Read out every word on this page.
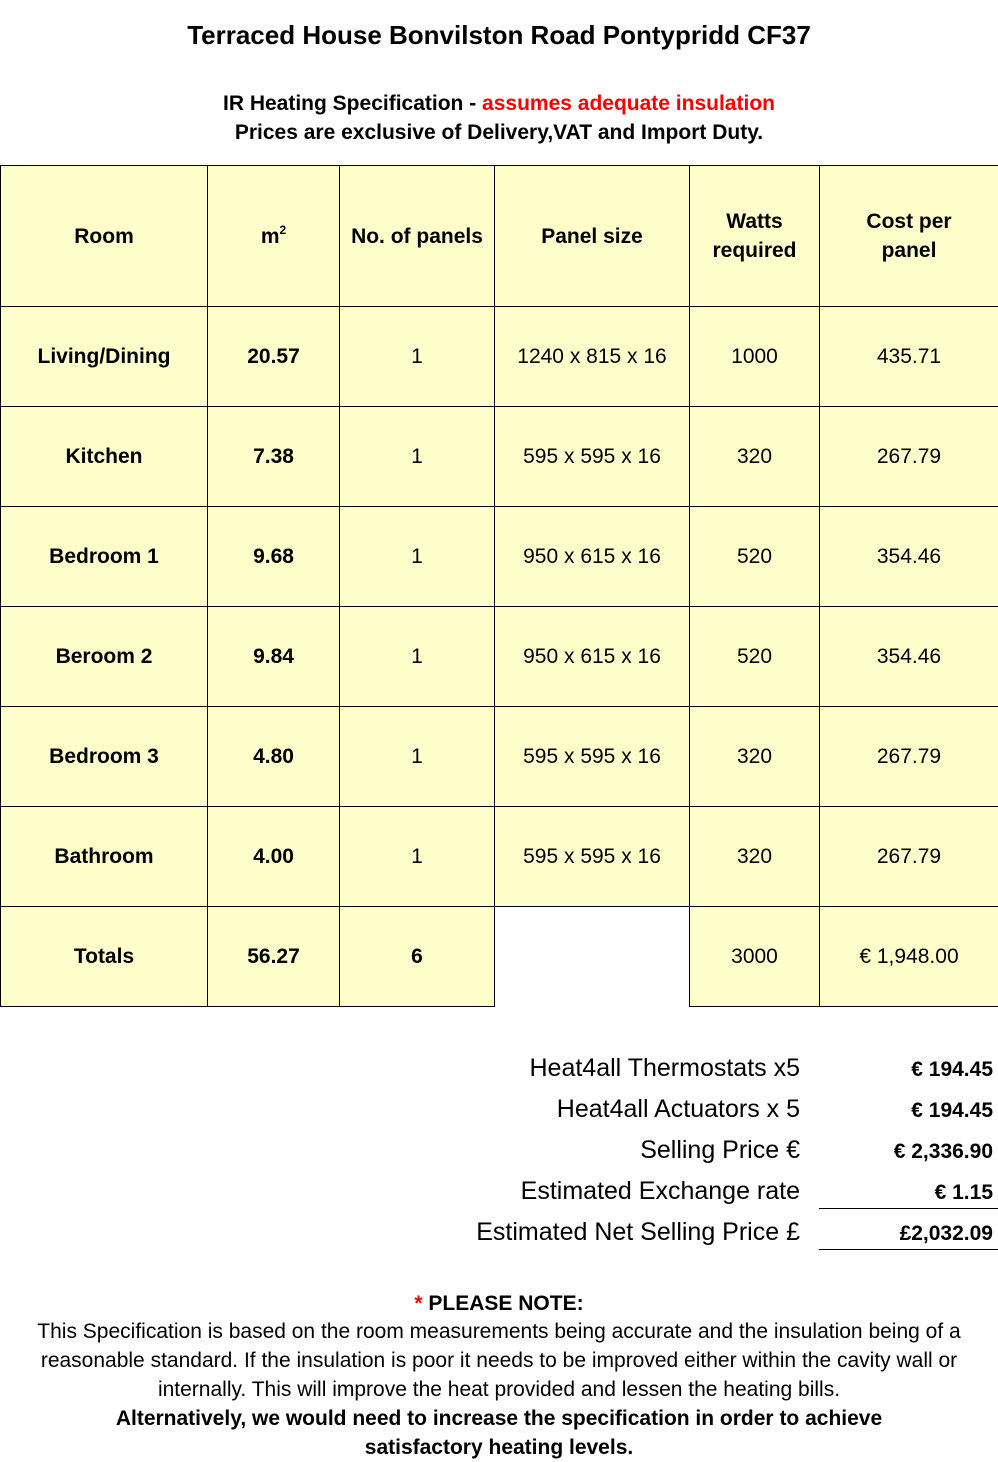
Terraced House Bonvilston Road Pontypridd CF37
IR Heating Specification - assumes adequate insulation
Prices are exclusive of Delivery,VAT and Import Duty.
Room	$m^2$	No. of panels	Panel size	Watts required	Cost per panel

Living/Dining	20.57	1	1240 x 815 x 16	1000	435.71
Kitchen	7.38	1	595 x 595 x 16	320	267.79
Bedroom 1	9.68	1	950 x 615 x 16	520	354.46
Beroom 2	9.84	1	950 x 615 x 16	520	354.46
Bedroom 3	4.80	1	595 x 595 x 16	320	267.79
Bathroom	4.00	1	595 x 595 x 16	320	267.79
Totals	56.27	6		3000	€ 1,948.00
Heat4all Thermostats x5	€ 194.45
Heat4all Actuators x 5	€ 194.45
Selling Price €	€ 2,336.90
Estimated Exchange rate	€ 1.15
Estimated Net Selling Price £	£2,032.09
* PLEASE NOTE:
This Specification is based on the room measurements being accurate and the insulation being of a reasonable standard. If the insulation is poor it needs to be improved either within the cavity wall or internally. This will improve the heat provided and lessen the heating bills.
Alternatively, we would need to increase the specification in order to achieve satisfactory heating levels.
